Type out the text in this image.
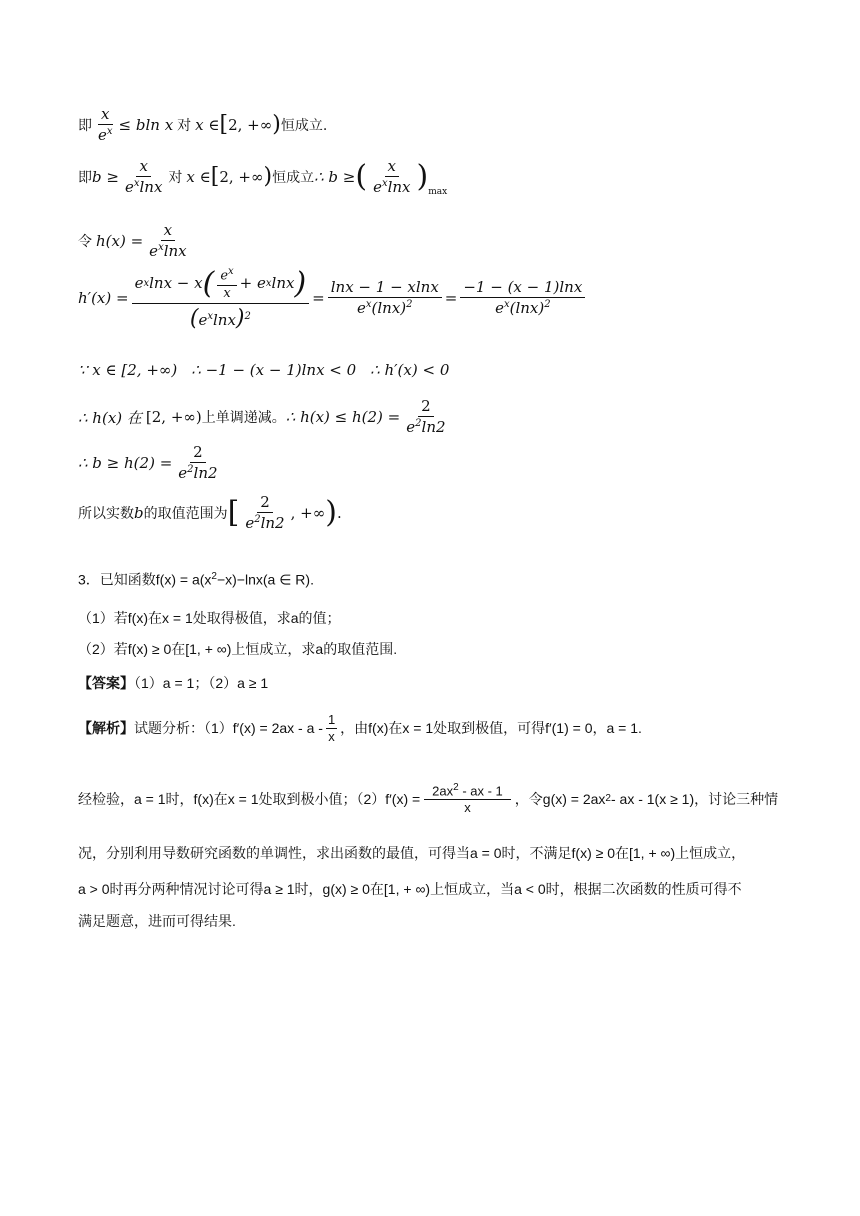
即 $\frac{x}{e^x} \le bln$ x 对 x ∈ [ 2, +∞ ) 恒成立.
即 $b \ge \frac{x}{e^x\ln x}$ 对 x ∈ [ 2, +∞ ) 恒成立 ∴ b ≥ ( $\frac{x}{e^x\ln x}$ ) max
令 $h(x) = \frac{x}{e^x\ln x}$
h′(x) =
e x lnx − x ( $\frac{e^x}{x} + e$ x lnx )
$(e^x\ln x)^2$
= $\frac{\ln x - 1 - xlnx}{e^x(\ln x)^2} = \frac{-1 - (x - 1)\ln x}{e^x(\ln x)^2}$
∵ x ∈ [2, +∞) ∴ −1 − (x − 1)lnx < 0 ∴ h′(x) < 0
∴ h(x) 在 [2, +∞) 上单调递减。 ∴ $h(x) \le h(2) = \frac{2}{e^2\ln 2}$
∴ $b \ge h(2) = \frac{2}{e^2\ln 2}$
所以实数 b 的取值范围为 [ $\frac{2}{e^2\ln 2}$ , +∞ ) .
3．已知函数$f(x) = a(x^2-x)-\ln x(a$ ∈ R).
（1）若f(x)在x = 1处取得极值，求a的值；
（2）若f(x) ≥ 0在[1, + ∞)上恒成立，求a的取值范围.
【答案】（1）a = 1；（2）a ≥ 1
【解析】 试题分析：$(1)f'(x) = 2ax - a - \frac{1}{x}$ ，由f(x)在x = 1处取到极值，可得f′(1) = 0，a = 1.
经检验，a = 1时，f(x)在x = 1处取到极小值；$(2)f'(x) = \frac{2ax^2 - ax - 1}{x}$ ，令g(x) = 2ax 2 - ax - 1(x ≥ 1)，讨论三种情
况，分别利用导数研究函数的单调性，求出函数的最值，可得当a = 0时，不满足f(x) ≥ 0在[1, + ∞)上恒成立，
a > 0时再分两种情况讨论可得a ≥ 1时，g(x) ≥ 0在[1, + ∞)上恒成立，当a < 0时，根据二次函数的性质可得不
满足题意，进而可得结果.
